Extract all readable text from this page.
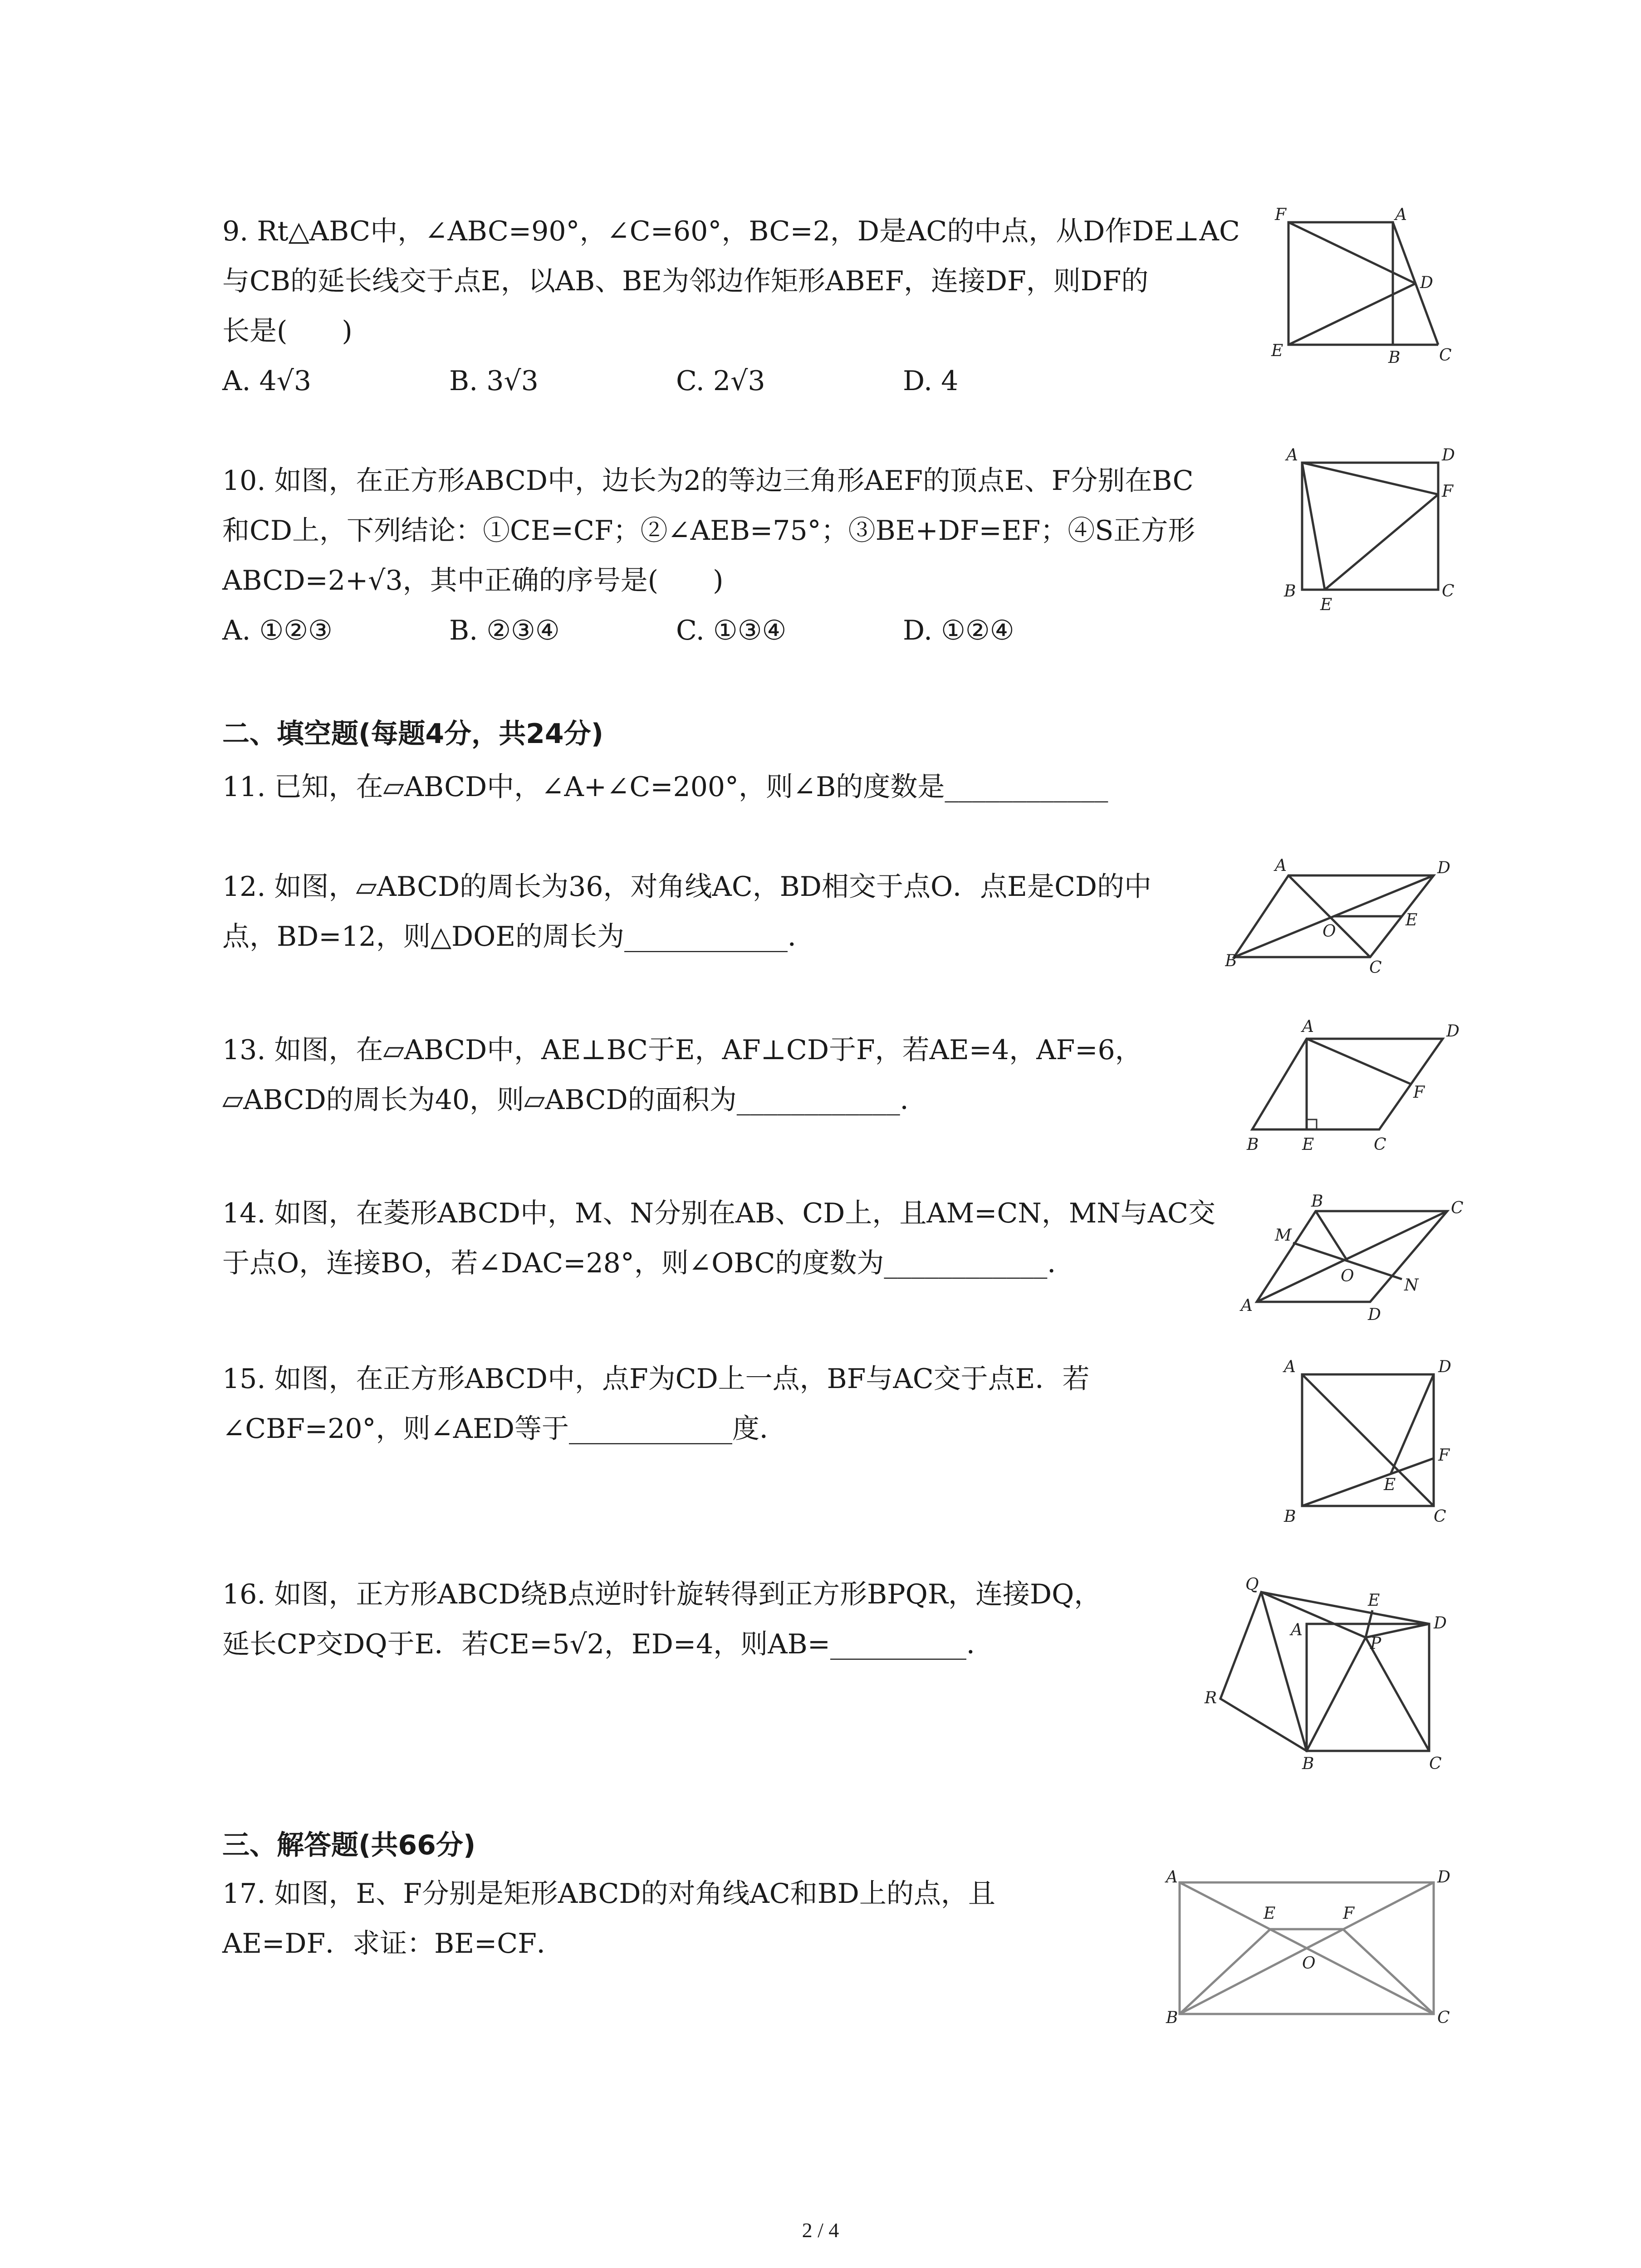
9. Rt△ABC中，∠ABC=90°，∠C=60°，BC=2，D是AC的中点，从D作DE⊥AC
与CB的延长线交于点E，以AB、BE为邻边作矩形ABEF，连接DF，则DF的
长是(　　)
A. 4√3	B. 3√3	C. 2√3	D. 4
F	A
D
E	B C
10. 如图，在正方形ABCD中，边长为2的等边三角形AEF的顶点E、F分别在BC
和CD上，下列结论：①CE=CF；②∠AEB=75°；③BE+DF=EF；④S正方形
ABCD=2+√3，其中正确的序号是(　　)
A. ①②③	B. ②③④	C. ①③④	D. ①②④
A	D
F
B
E
C
二、填空题(每题4分，共24分)
11. 已知，在▱ABCD中，∠A+∠C=200°，则∠B的度数是____________
12. 如图，▱ABCD的周长为36，对角线AC，BD相交于点O．点E是CD的中
点，BD=12，则△DOE的周长为____________．
A	D
O
E
B	C
13. 如图，在▱ABCD中，AE⊥BC于E，AF⊥CD于F，若AE=4，AF=6，
▱ABCD的周长为40，则▱ABCD的面积为____________．
A	D
F
B	E	C
14. 如图，在菱形ABCD中，M、N分别在AB、CD上，且AM=CN，MN与AC交
于点O，连接BO，若∠DAC=28°，则∠OBC的度数为____________．
B	C
M
O	N
A	D
15. 如图，在正方形ABCD中，点F为CD上一点，BF与AC交于点E．若
∠CBF=20°，则∠AED等于____________度．
A	D
F
E
B	C
16. 如图，正方形ABCD绕B点逆时针旋转得到正方形BPQR，连接DQ，
延长CP交DQ于E．若CE=5√2，ED=4，则AB=__________．
Q
E
A
P
D
R
B	C
三、解答题(共66分)
17. 如图，E、F分别是矩形ABCD的对角线AC和BD上的点，且
AE=DF．求证：BE=CF．
A	D
E	F
O
B	C
2 / 4
